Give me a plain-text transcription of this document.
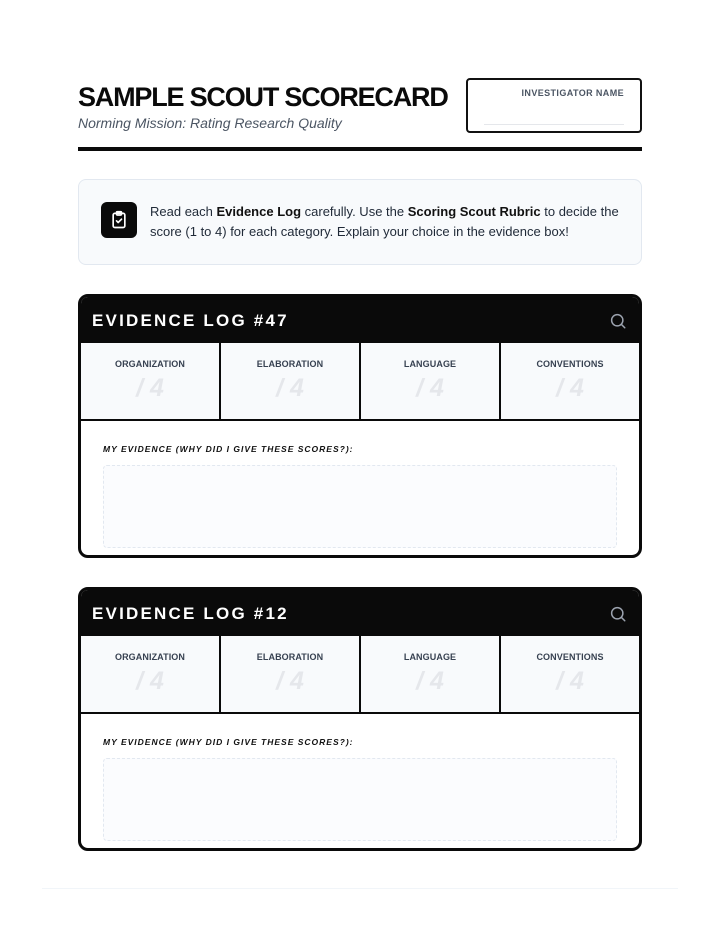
SAMPLE SCOUT SCORECARD
Norming Mission: Rating Research Quality
INVESTIGATOR NAME
Read each Evidence Log carefully. Use the Scoring Scout Rubric to decide the score (1 to 4) for each category. Explain your choice in the evidence box!
EVIDENCE LOG #47
ORGANIZATION
/ 4
ELABORATION
/ 4
LANGUAGE
/ 4
CONVENTIONS
/ 4
MY EVIDENCE (WHY DID I GIVE THESE SCORES?):
EVIDENCE LOG #12
ORGANIZATION
/ 4
ELABORATION
/ 4
LANGUAGE
/ 4
CONVENTIONS
/ 4
MY EVIDENCE (WHY DID I GIVE THESE SCORES?):
